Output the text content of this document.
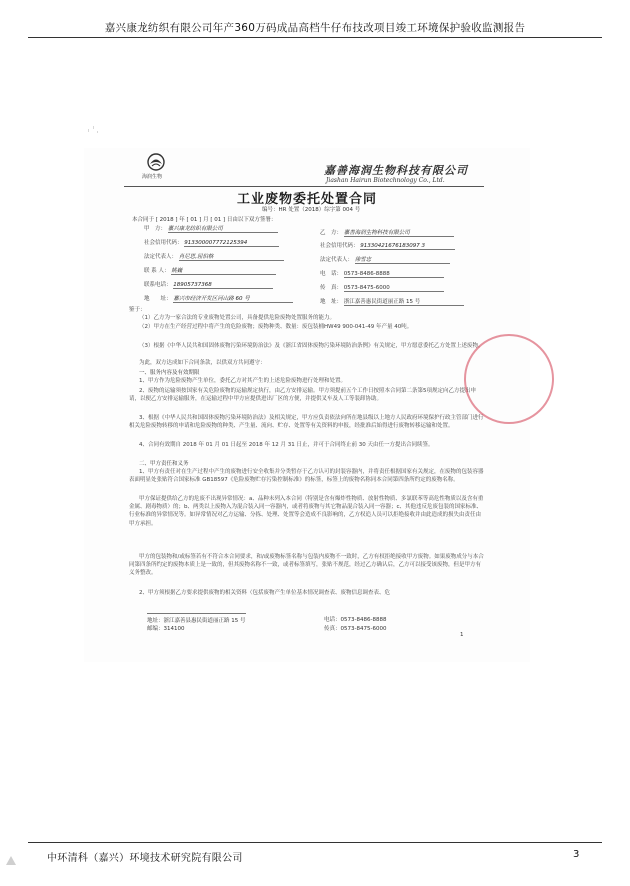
嘉兴康龙纺织有限公司年产360万码成品高档牛仔布技改项目竣工环境保护验收监测报告
海润生物	嘉善海润生物科技有限公司
Jiashan Hairun Biotechnology Co., Ltd.
工业废物委托处置合同
编号：HR 处置（2018）综字第 004 号
本合同于 [ 2018 ] 年 [ 01 ] 月 [ 01 ] 日由以下双方签署：
甲　方： 嘉兴康龙纺织有限公司
乙　方： 嘉善海润生物科技有限公司
社会信用代码： 913300007772125394	社会信用代码： 91330421676183097 3
法定代表人： 肖尼思,屈伯格	法定代表人： 徐雪忠
联 系 人： 姚巍	电　话： 0573-8486-8888
联系电话： 18905737368	传　真： 0573-8475-6000
地　　址： 嘉兴市经济开发区河山路 60 号	地　址： 浙江嘉善惠民街道丽正路 15 号
鉴于：
（1）乙方为一家合法的专业废物处置公司，具备提供危险废物处置服务的能力。
（2）甲方在生产经营过程中将产生的危险废物；废物种类、数量：废包装桶HW49 900-041-49 年产量 40吨。
（3）根据《中华人民共和国固体废物污染环境防治法》及《浙江省固体废物污染环境防治条例》有关规定，甲方愿意委托乙方处置上述废物。
为此，双方达成如下合同条款，以供双方共同遵守：
一、服务内容及有效期限
1、甲方作为危险废物产生单位，委托乙方对其产生的上述危险废物进行处理和处置。
2、废物的运输须按国家有关危险废物的运输规定执行，由乙方安排运输。甲方须提前五个工作日按照本合同第二条第5项规定向乙方提出申请，以便乙方安排运输服务，在运输过程中甲方应提供进出厂区的方便，并提供叉车及人工等装卸协助。
3、根据《中华人民共和国固体废物污染环境防治法》及相关规定，甲方应负责依法向所在地县级以上地方人民政府环境保护行政主管部门进行相关危险废物转移的申请和危险废物的种类、产生量、流向、贮存、处置等有关资料的申报，经批准后始得进行废物转移运输和处置。
4、合同有效期自 2018 年 01 月 01 日起至 2018 年 12 月 31 日止，并可于合同终止前 30 天由任一方提出合同续签。
二、甲方责任和义务
1、甲方有责任对在生产过程中产生的废物进行安全收集并分类暂存于乙方认可的封装容器内，并将责任根据国家有关规定，在废物的包装容器表面明显处张贴符合国家标准 GB18597《危险废物贮存污染控制标准》的标签，标签上的废物名称同本合同第四条所约定的废物名称。
甲方保证提供给乙方的危废不出现异常情况：a、品种未列入本合同（特别是含有爆炸性物质、放射性物质、多氯联苯等高危性物质以及含有重金属、剧毒物质）的；b、两类以上废物入为混合装入同一容器内，或者将废物与其它物品混合装入同一容器；c、其他违反危废包装的国家标准、行业标准的异常情况等。如异常情况对乙方运输、分拣、处理、处置等会造成不良影响的，乙方权追人员可以拒绝接收并由此造成的损失由责任由甲方承担。
甲方的包装物和/或标签若有不符合本合同要求，和/或废物标签名称与包装内废物不一致时，乙方有权拒绝接收甲方废物。如果废物成分与本合同第四条所约定的废物本质上是一致的，但其废物名称不一致，或者标签填写，张贴不规范，经过乙方确认后，乙方可以接受该废物，但是甲方有义务整改。
2、甲方须根据乙方要求提供废物的相关资料（包括废物产生单位基本情况调查表、废物信息调查表、危
地址：浙江嘉善县惠民街道丽正路 15 号
邮编：314100
电话：0573-8486-8888
传真：0573-8475-6000
1
中环清科（嘉兴）环境技术研究院有限公司	3
